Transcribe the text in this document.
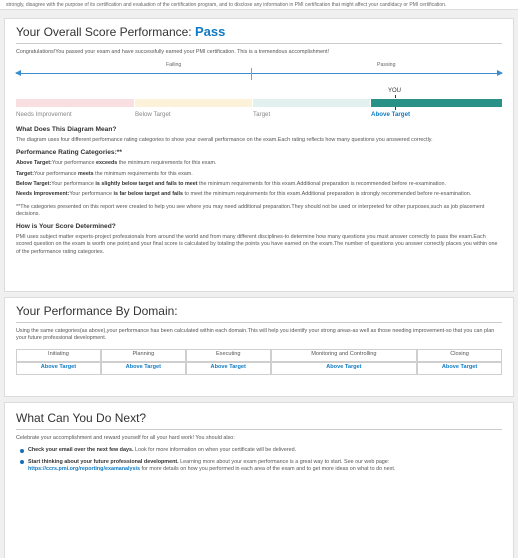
strongly, disagree with the purpose of its certification and evaluation of the certification program, and to disclose any information in PMI certification that might affect your candidacy or PMI certification.
Your Overall Score Performance: Pass

Congratulations!You passed your exam and have successfully earned your PMI certification. This is a tremendous accomplishment!

Failing	Passing
YOU
Needs Improvement	Below Target	Target	Above Target
What Does This Diagram Mean?

The diagram uses four different performance rating categories to show your overall performance on the exam.Each rating reflects how many questions you answered correctly.

Performance Rating Categories:**

Above Target:Your performance exceeds the minimum requirements for this exam.

Target:Your performance meets the minimum requirements for this exam.

Below Target:Your performance is slightly below target and fails to meet the minimum requirements for this exam.Additional preparation is recommended before re-examination.

Needs Improvement:Your performance is far below target and fails to meet the minimum requirements for this exam.Additional preparation is strongly recommended before re-examination.

**The categories presented on this report were created to help you see where you may need additional preparation.They should not be used or interpreted for other purposes,such as job placement decisions.

How is Your Score Determined?

PMI uses subject matter experts-project professionals from around the world and from many different disciplines-to determine how many questions you must answer correctly to pass the exam.Each scored question on the exam is worth one point;and your final score is calculated by totaling the points you have earned on the exam.The number of questions you answer correctly places you within one of the performance rating categories.

Your Performance By Domain:

Using the same categories(as above),your performance has been calculated within each domain.This will help you identify your strong areas-as well as those needing improvement-so that you can plan your future professional development.

Initiating	Planning	Executing	Monitoring and Controlling	Closing
Above Target	Above Target	Above Target	Above Target	Above Target
What Can You Do Next?

Celebrate your accomplishment and reward yourself for all your hard work! You should also:

Check your email over the next few days. Look for more information on when your certificate will be delivered.
Start thinking about your future professional development. Learning more about your exam performance is a great way to start. See our web page: https://ccrs.pmi.org/reporting/examanalysis for more details on how you performed in each area of the exam and to get more ideas on what to do next.
